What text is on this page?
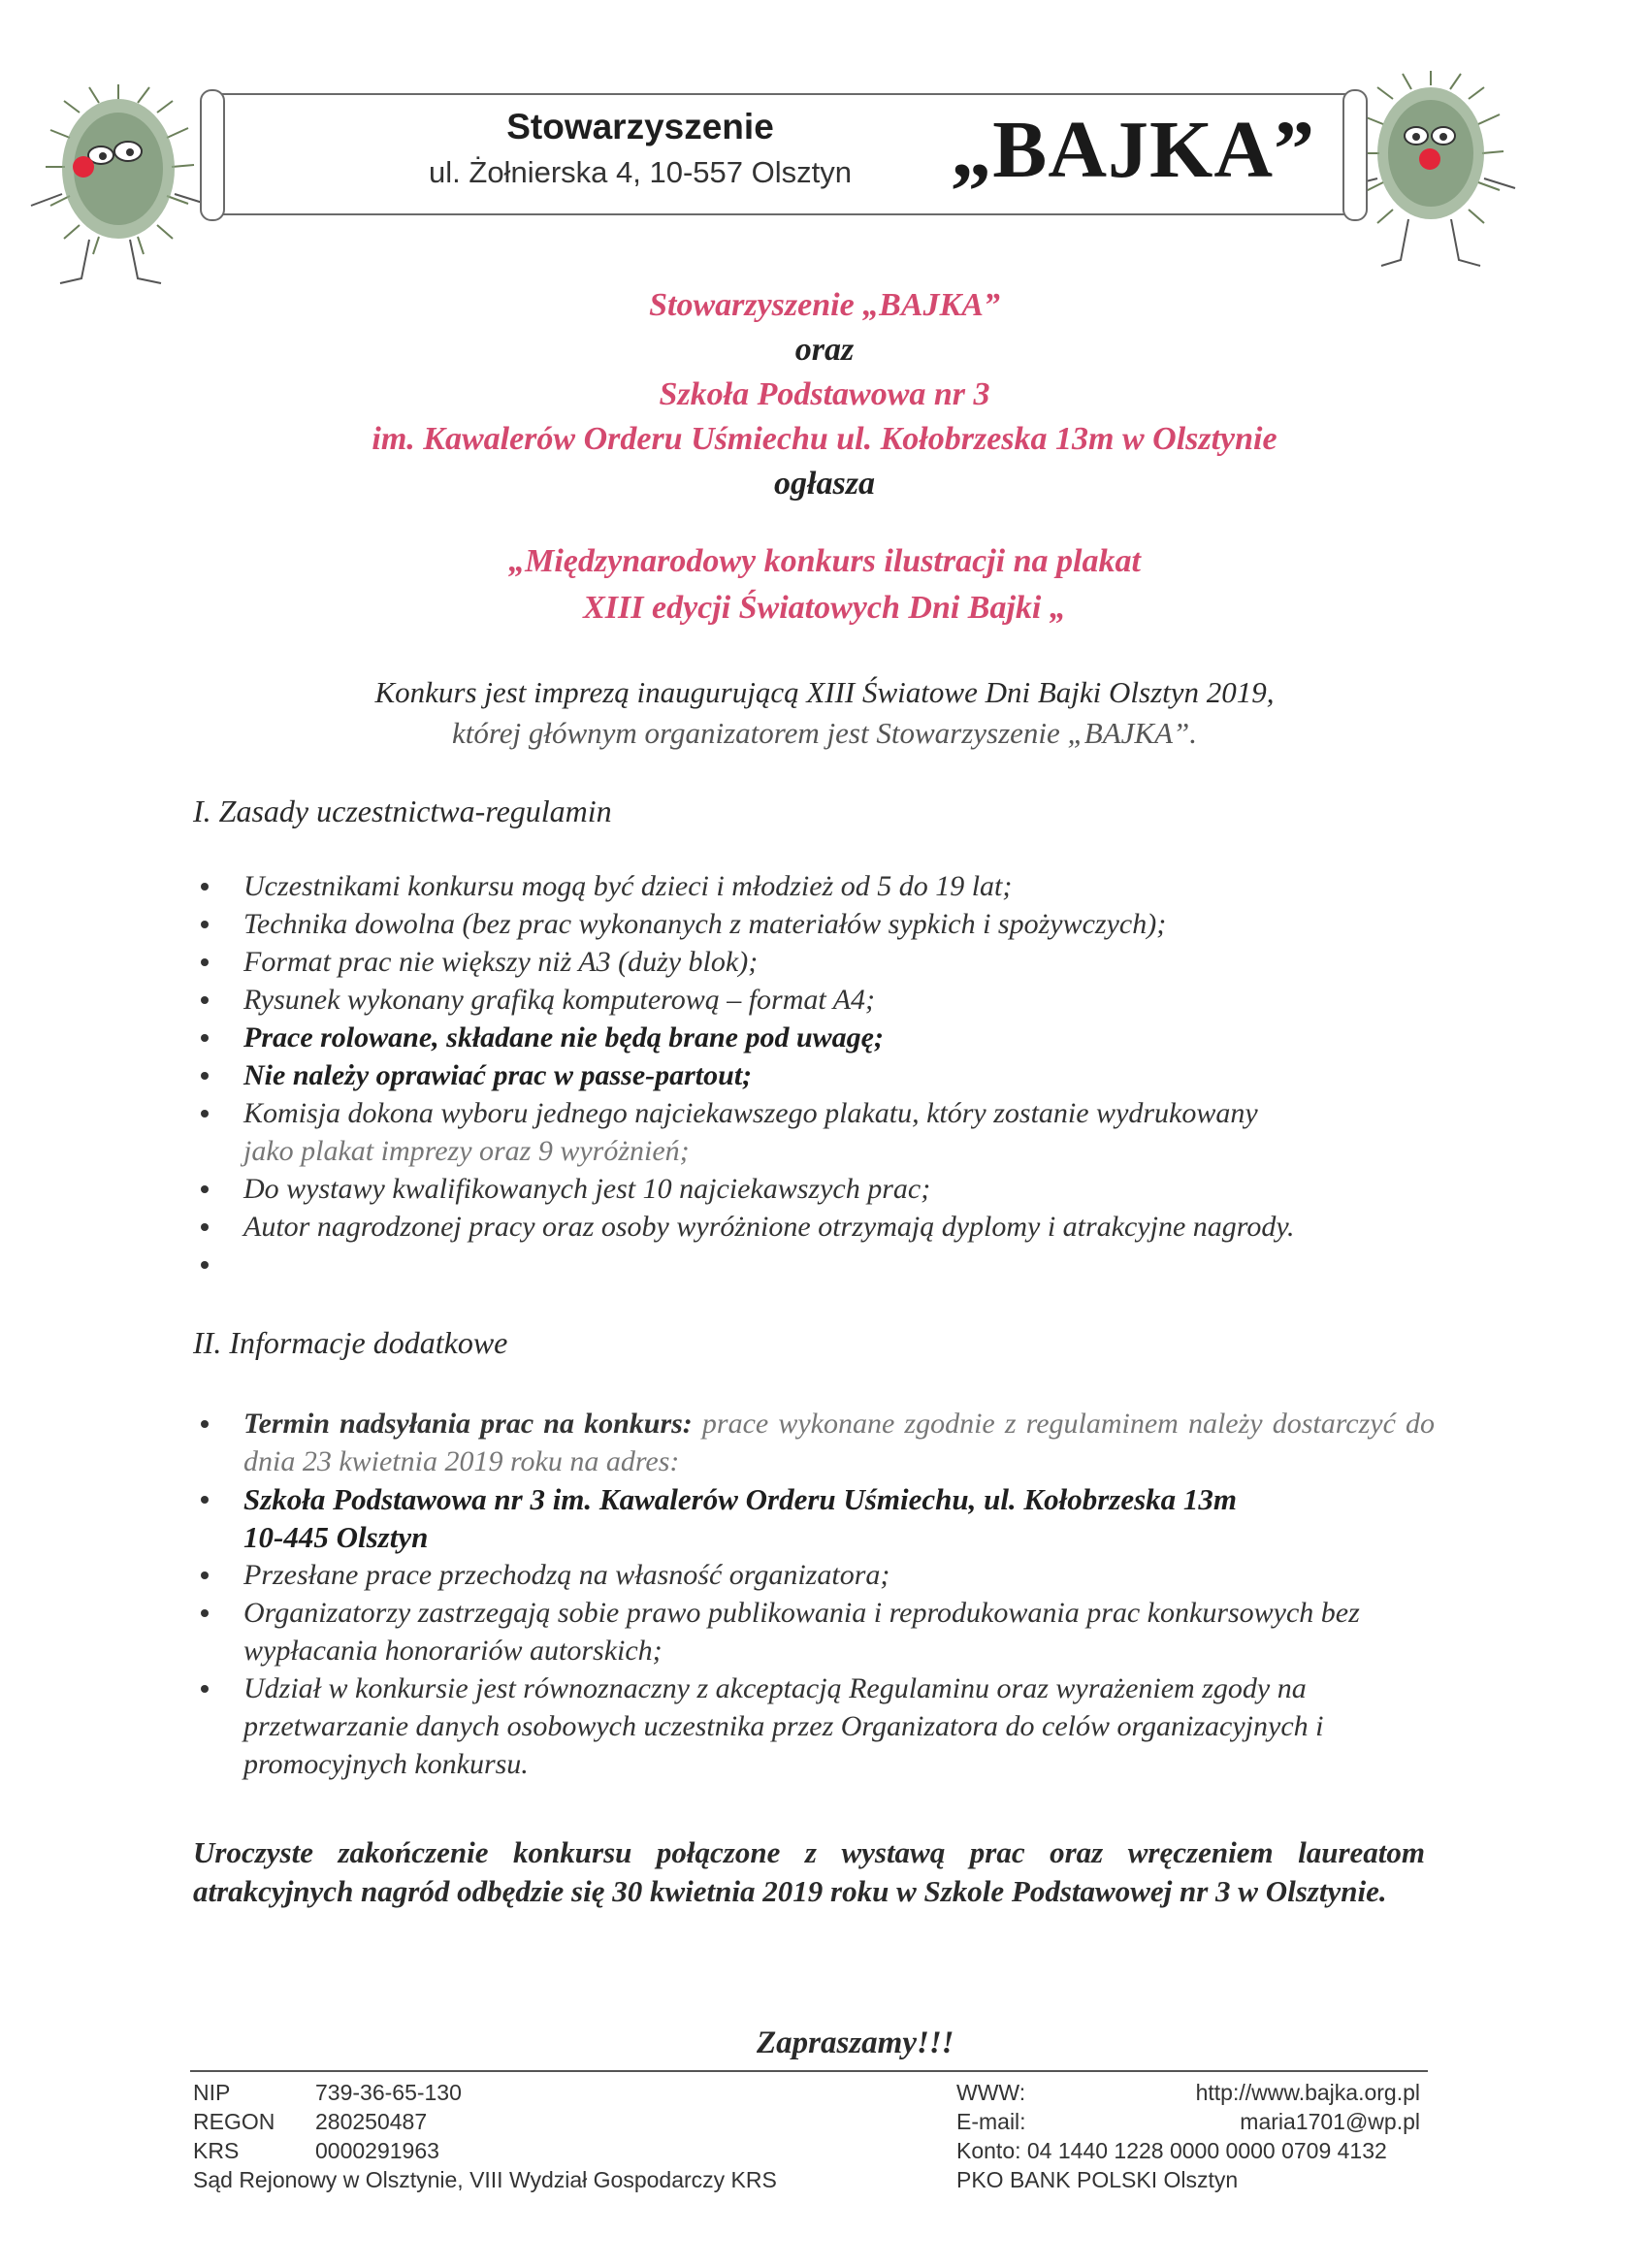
Stowarzyszenie
ul. Żołnierska 4, 10-557 Olsztyn	„BAJKA”
Stowarzyszenie „BAJKA”
oraz
Szkoła Podstawowa nr 3
im. Kawalerów Orderu Uśmiechu ul. Kołobrzeska 13m w Olsztynie
ogłasza
„Międzynarodowy konkurs ilustracji na plakat
XIII edycji Światowych Dni Bajki „
Konkurs jest imprezą inaugurującą XIII Światowe Dni Bajki Olsztyn 2019,
której głównym organizatorem jest Stowarzyszenie „BAJKA”.
I. Zasady uczestnictwa-regulamin
Uczestnikami konkursu mogą być dzieci i młodzież od 5 do 19 lat;
Technika dowolna (bez prac wykonanych z materiałów sypkich i spożywczych);
Format prac nie większy niż A3 (duży blok);
Rysunek wykonany grafiką komputerową – format A4;
Prace rolowane, składane nie będą brane pod uwagę;
Nie należy oprawiać prac w passe-partout;
Komisja dokona wyboru jednego najciekawszego plakatu, który zostanie wydrukowany
jako plakat imprezy oraz 9 wyróżnień;
Do wystawy kwalifikowanych jest 10 najciekawszych prac;
Autor nagrodzonej pracy oraz osoby wyróżnione otrzymają dyplomy i atrakcyjne nagrody.

II. Informacje dodatkowe
Termin nadsyłania prac na konkurs: prace wykonane zgodnie z regulaminem należy dostarczyć do dnia 23 kwietnia 2019 roku na adres:
Szkoła Podstawowa nr 3 im. Kawalerów Orderu Uśmiechu, ul. Kołobrzeska 13m
10-445 Olsztyn
Przesłane prace przechodzą na własność organizatora;
Organizatorzy zastrzegają sobie prawo publikowania i reprodukowania prac konkursowych bez wypłacania honorariów autorskich;
Udział w konkursie jest równoznaczny z akceptacją Regulaminu oraz wyrażeniem zgody na przetwarzanie danych osobowych uczestnika przez Organizatora do celów organizacyjnych i promocyjnych konkursu.
Uroczyste zakończenie konkursu połączone z wystawą prac oraz wręczeniem laureatom atrakcyjnych nagród odbędzie się 30 kwietnia 2019 roku w Szkole Podstawowej nr 3 w Olsztynie.
Zapraszamy!!!
NIP	739-36-65-130
REGON	280250487
KRS	0000291963
Sąd Rejonowy w Olsztynie, VIII Wydział Gospodarczy KRS
WWW:	http://www.bajka.org.pl
E-mail:	maria1701@wp.pl
Konto: 04 1440 1228 0000 0000 0709 4132
PKO BANK POLSKI Olsztyn
